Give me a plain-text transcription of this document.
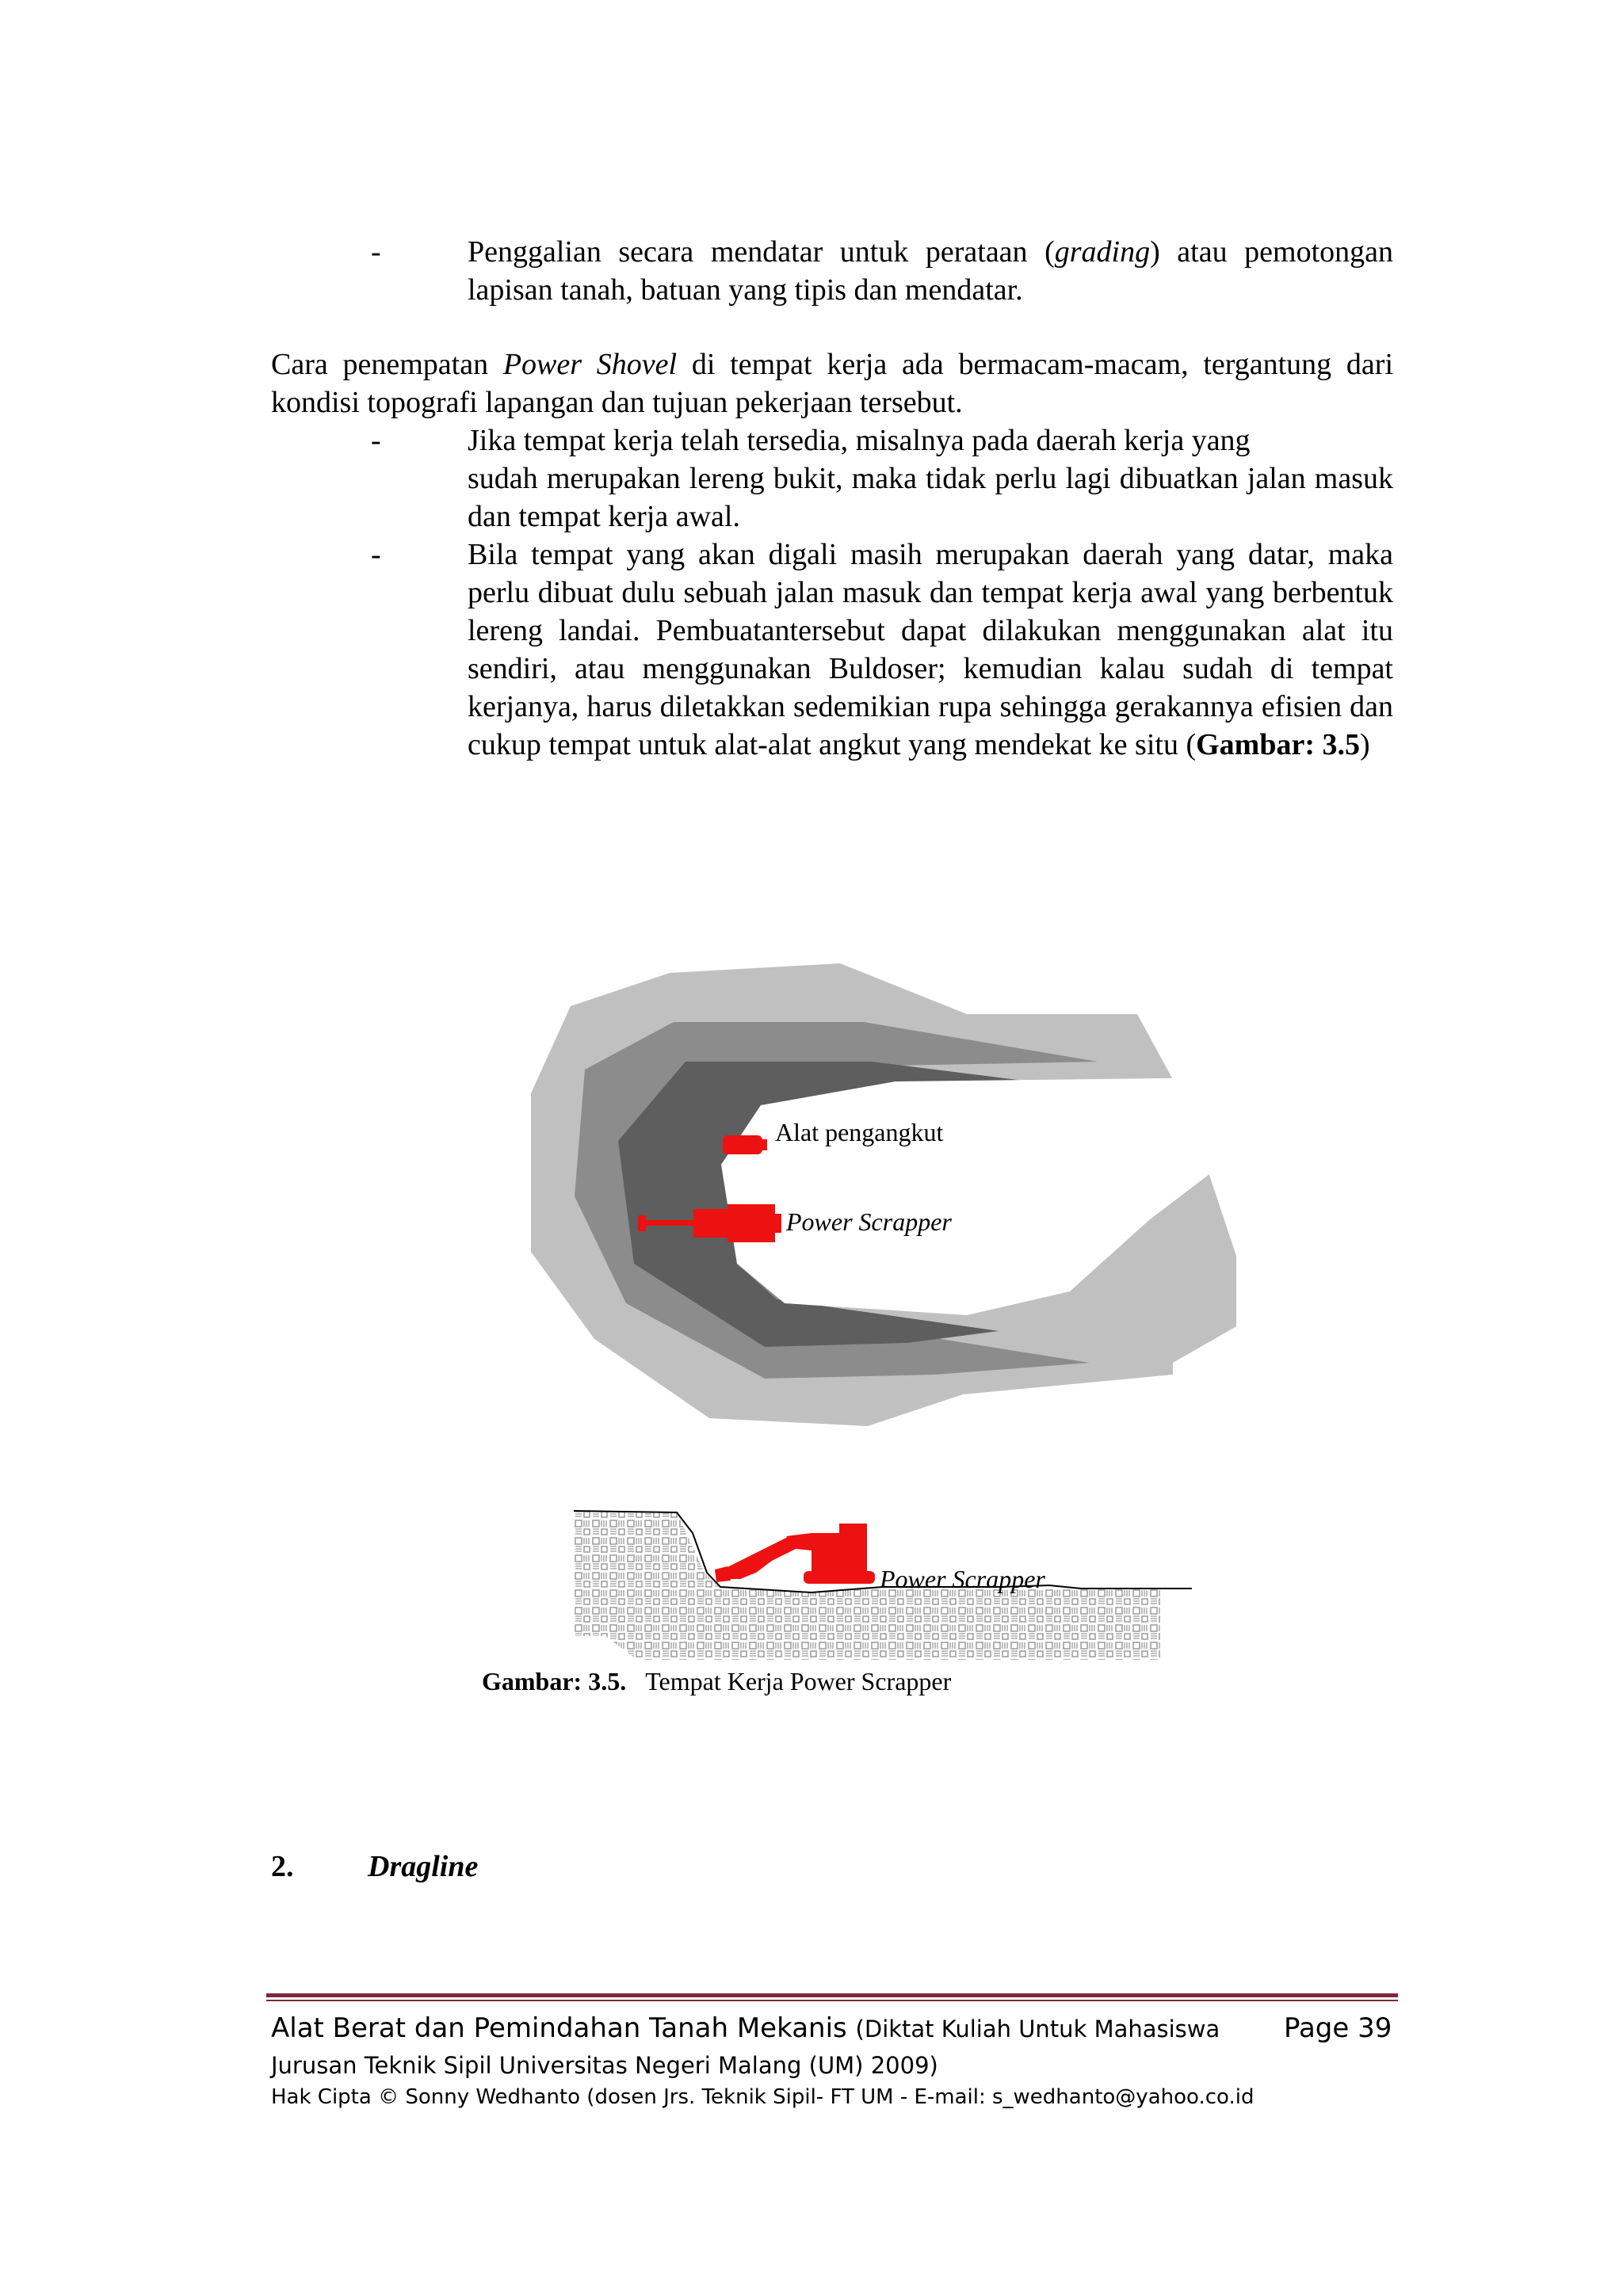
-	Penggalian secara mendatar untuk perataan (grading) atau pemotongan lapisan tanah, batuan yang tipis dan mendatar.
Cara penempatan Power Shovel di tempat kerja ada bermacam-macam, tergantung dari kondisi topografi lapangan dan tujuan pekerjaan tersebut.
-	Jika tempat kerja telah tersedia, misalnya pada daerah kerja yang
sudah merupakan lereng bukit, maka tidak perlu lagi dibuatkan jalan masuk dan tempat kerja awal.
-	Bila tempat yang akan digali masih merupakan daerah yang datar, maka perlu dibuat dulu sebuah jalan masuk dan tempat kerja awal yang berbentuk lereng landai. Pembuatantersebut dapat dilakukan menggunakan alat itu sendiri, atau menggunakan Buldoser; kemudian kalau sudah di tempat kerjanya, harus diletakkan sedemikian rupa sehingga gerakannya efisien dan cukup tempat untuk alat-alat angkut yang mendekat ke situ (Gambar: 3.5)
Alat pengangkut
Power Scrapper
Power Scrapper
Gambar: 3.5. Tempat Kerja Power Scrapper
2. Dragline
Alat Berat dan Pemindahan Tanah Mekanis (Diktat Kuliah Untuk Mahasiswa Page 39
Jurusan Teknik Sipil Universitas Negeri Malang (UM) 2009)
Hak Cipta © Sonny Wedhanto (dosen Jrs. Teknik Sipil- FT UM - E-mail: s_wedhanto@yahoo.co.id
